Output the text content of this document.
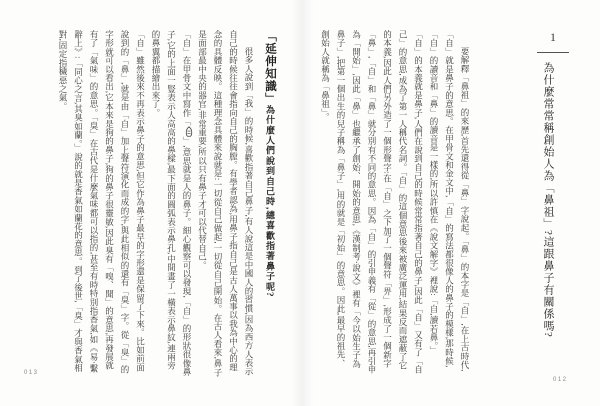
1
為什麼常常稱創始人為「鼻祖」?這跟鼻子有關係嗎?

要解釋「鼻祖」的來歷,首先還得從「鼻」字說起。「鼻」的本字是「自」,在上古時代,「自」就是鼻子的意思。在甲骨文和金文中,「自」的寫法都很像人的鼻子的模樣,那時候,「自」的讀音和「鼻」的讀音是一樣的,所以許慎在《說文解字》裡說:「自,讀若鼻。」

「自」的本義就是鼻子,人們在說到自己的時候常常指著自己的鼻子,因此「自」又有了「自己」的意思,成為了第一人稱代名詞。「自」的這個意思後來被廣泛運用,結果反而遮蔽了它的本義,因此人們另外造了一個形聲字:在「自」之下加了一個聲符「畀」,形成了一個新字「鼻」,「自」和「鼻」就分別有不同的意思。因為「自」的引申義有「從」的意思,再引申為「開始」,因此「鼻」也繼承了創始、開始的意思,《漢制考‧說文》裡有「今以始生子為鼻子」,把第一個出生的兒子稱為「鼻子」,用的就是「初始」的意思。因此,最早的祖先、創始人就稱為「鼻祖」。

012
「延伸知識」為什麼人們說到自己時,總喜歡指著鼻子呢?

很多人說到「我」的時候,喜歡指著自己鼻子,有人說這是中國人的習慣,因為西方人表示自己的時候往往會指向自己的胸膛。有學者認為,用鼻子指自己是古人萬事以我為中心的理念的具體反映。這種理念具體來說就是:一切從自己做起,一切從自己開始。在古人看來,鼻子是面部最中央的器官,非常重要,所以只有鼻子才可以代替自己。

「自」在甲骨文中寫作「」,意思就是人的鼻子。細心觀察可以發現,「自」的形狀很像鼻子,它的上面一豎表示人高高的鼻樑,最下面的圓弧表示鼻孔,中間畫了一橫表示鼻紋,連兩旁的鼻翼都描繪出來了。

「自」雖然後來不再表示鼻子的意思,但它作為鼻子最早的字形還是保留了下來。比如前面說到的「鼻」,就是由「自」加上聲符演化而成的字,與此相似的還有「臭」字。從「臭」的字形就可以看出,它本來是狗的鼻子,狗的鼻子很靈敏,因此臭有「嗅、聞」的意思,再發展就有了「氣味」的意思。「臭」在古代是什麼氣味都可以指的,甚至有時特別指香氣,如《易‧繫辭上》:「同心之言,其臭如蘭。」說的就是香氣如蘭花的意思。到了後世,「臭」才與香氣相對,固定指穢惡之氣。

013
